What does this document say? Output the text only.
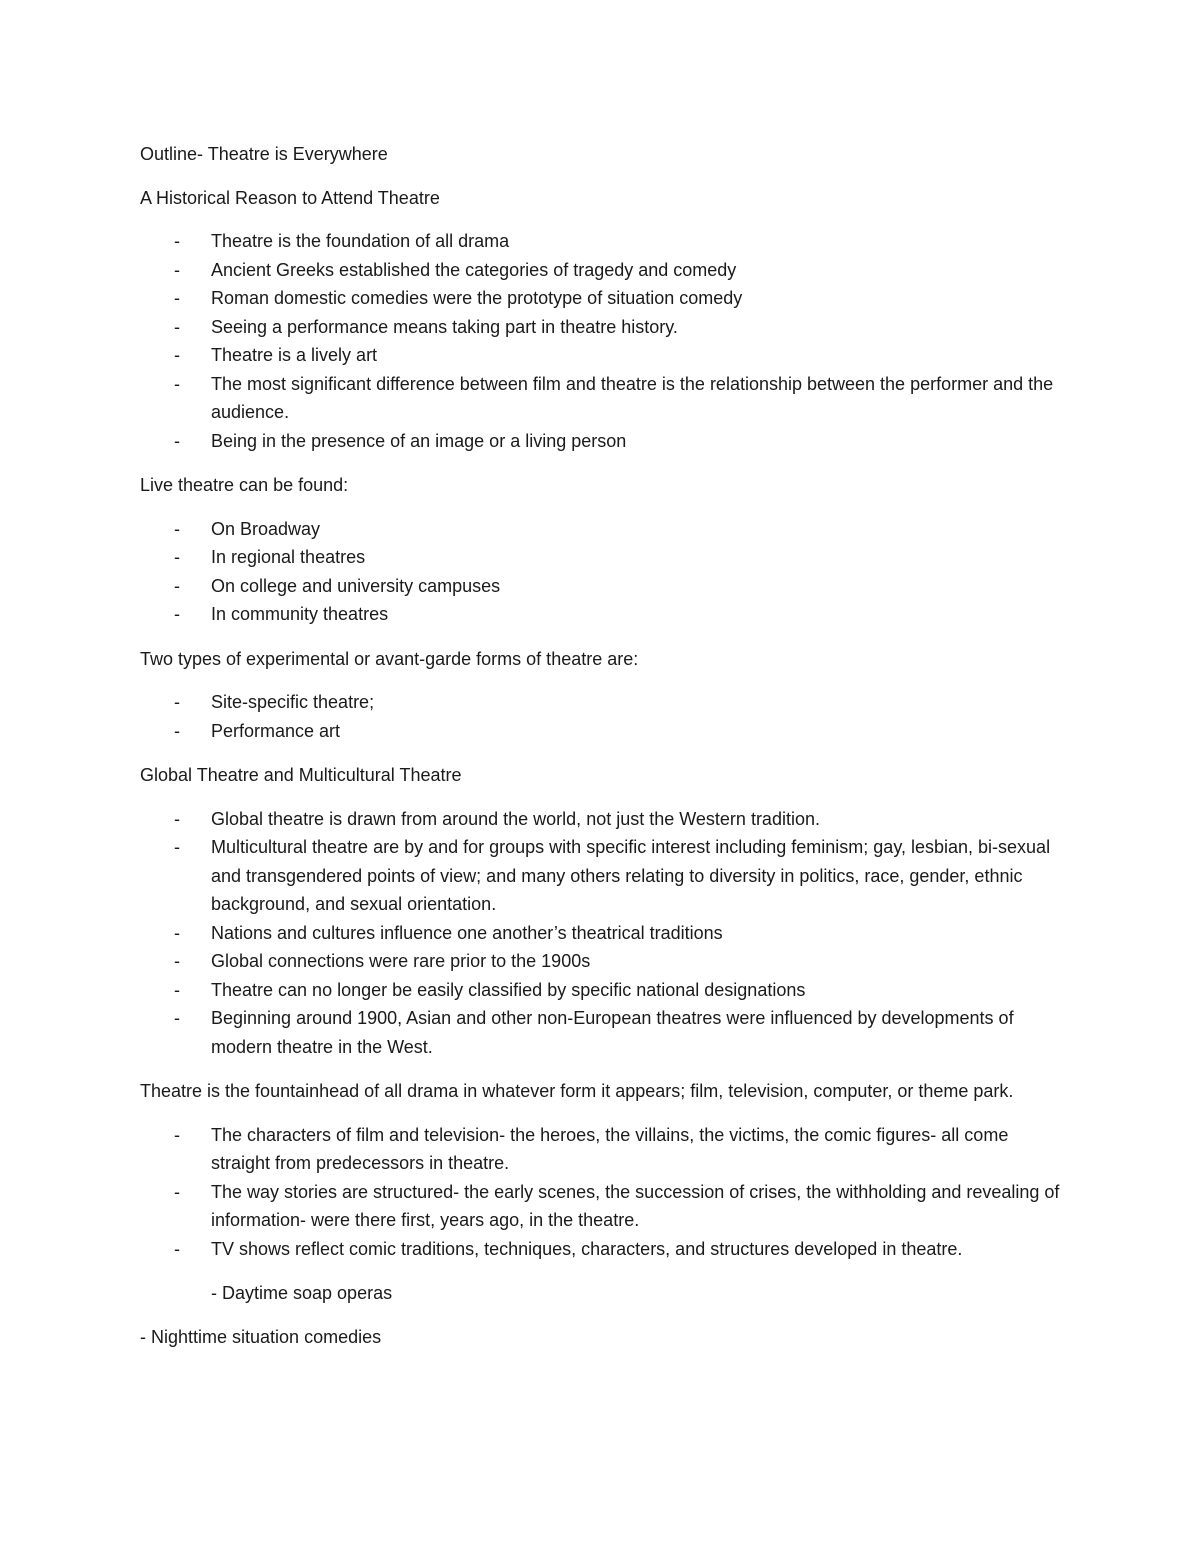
Outline- Theatre is Everywhere

A Historical Reason to Attend Theatre

- Theatre is the foundation of all drama
- Ancient Greeks established the categories of tragedy and comedy
- Roman domestic comedies were the prototype of situation comedy
- Seeing a performance means taking part in theatre history.
- Theatre is a lively art
- The most significant difference between film and theatre is the relationship between the performer and the audience.
- Being in the presence of an image or a living person

Live theatre can be found:

- On Broadway
- In regional theatres
- On college and university campuses
- In community theatres

Two types of experimental or avant-garde forms of theatre are:

- Site-specific theatre;
- Performance art

Global Theatre and Multicultural Theatre

- Global theatre is drawn from around the world, not just the Western tradition.
- Multicultural theatre are by and for groups with specific interest including feminism; gay, lesbian, bi-sexual and transgendered points of view; and many others relating to diversity in politics, race, gender, ethnic background, and sexual orientation.
- Nations and cultures influence one another’s theatrical traditions
- Global connections were rare prior to the 1900s
- Theatre can no longer be easily classified by specific national designations
- Beginning around 1900, Asian and other non-European theatres were influenced by developments of modern theatre in the West.

Theatre is the fountainhead of all drama in whatever form it appears; film, television, computer, or theme park.

- The characters of film and television- the heroes, the villains, the victims, the comic figures- all come straight from predecessors in theatre.
- The way stories are structured- the early scenes, the succession of crises, the withholding and revealing of information- were there first, years ago, in the theatre.
- TV shows reflect comic traditions, techniques, characters, and structures developed in theatre.

- Daytime soap operas

- Nighttime situation comedies
